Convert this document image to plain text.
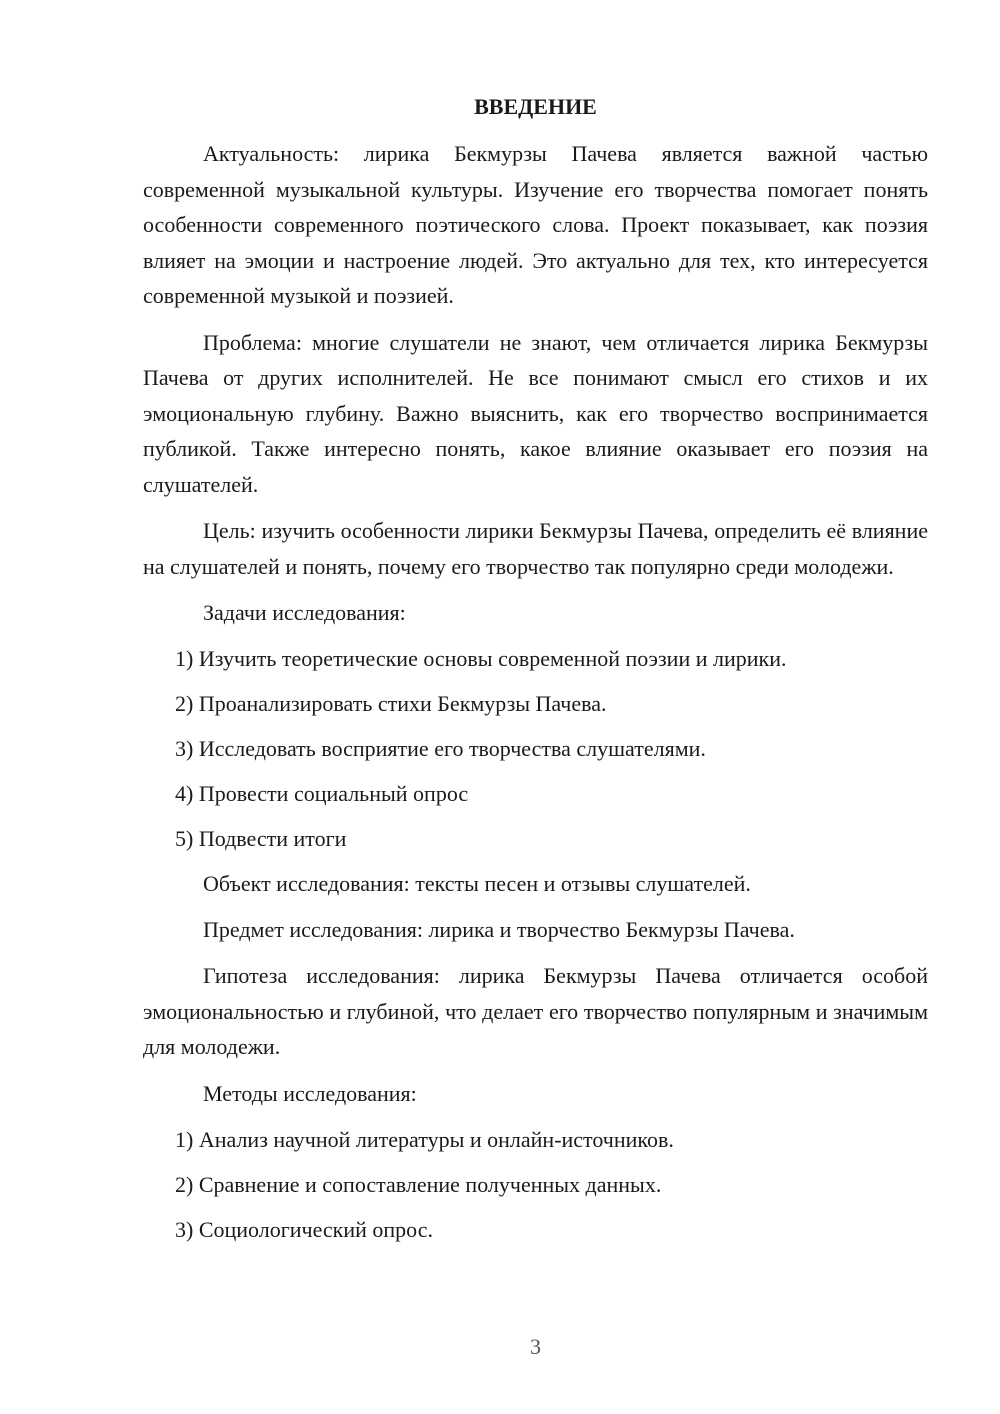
ВВЕДЕНИЕ

Актуальность: лирика Бекмурзы Пачева является важной частью современной музыкальной культуры. Изучение его творчества помогает понять особенности современного поэтического слова. Проект показывает, как поэзия влияет на эмоции и настроение людей. Это актуально для тех, кто интересуется современной музыкой и поэзией.

Проблема: многие слушатели не знают, чем отличается лирика Бекмурзы Пачева от других исполнителей. Не все понимают смысл его стихов и их эмоциональную глубину. Важно выяснить, как его творчество воспринимается публикой. Также интересно понять, какое влияние оказывает его поэзия на слушателей.

Цель: изучить особенности лирики Бекмурзы Пачева, определить её влияние на слушателей и понять, почему его творчество так популярно среди молодежи.

Задачи исследования:
1) Изучить теоретические основы современной поэзии и лирики.
2) Проанализировать стихи Бекмурзы Пачева.
3) Исследовать восприятие его творчества слушателями.
4) Провести социальный опрос
5) Подвести итоги
Объект исследования: тексты песен и отзывы слушателей.
Предмет исследования: лирика и творчество Бекмурзы Пачева.

Гипотеза исследования: лирика Бекмурзы Пачева отличается особой эмоциональностью и глубиной, что делает его творчество популярным и значимым для молодежи.

Методы исследования:
1) Анализ научной литературы и онлайн-источников.
2) Сравнение и сопоставление полученных данных.
3) Социологический опрос.
3
